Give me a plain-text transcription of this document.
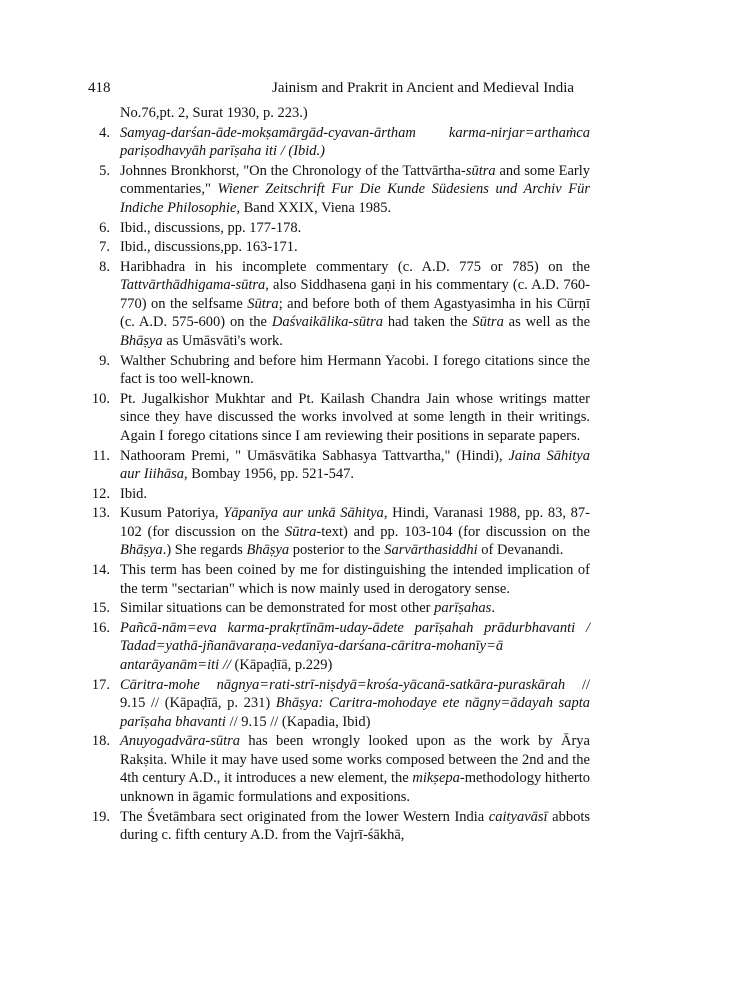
418	Jainism and Prakrit in Ancient and Medieval India
No.76,pt. 2, Surat 1930, p. 223.)
4. Samyag-darśan-āde-mokṣamārgād-cyavan-ārtham karma-nirjar=arthaṁca pariṣodhavyāh parīṣaha iti / (Ibid.)
5. Johnnes Bronkhorst, "On the Chronology of the Tattvārtha-sūtra and some Early commentaries," Wiener Zeitschrift Fur Die Kunde Südesiens und Archiv Für Indiche Philosophie, Band XXIX, Viena 1985.
6. Ibid., discussions, pp. 177-178.
7. Ibid., discussions,pp. 163-171.
8. Haribhadra in his incomplete commentary (c. A.D. 775 or 785) on the Tattvārthādhigama-sūtra, also Siddhasena gaṇi in his commentary (c. A.D. 760-770) on the selfsame Sūtra; and before both of them Agastyasimha in his Cūrṇī (c. A.D. 575-600) on the Daśvaikālika-sūtra had taken the Sūtra as well as the Bhāṣya as Umāsvāti's work.
9. Walther Schubring and before him Hermann Yacobi. I forego citations since the fact is too well-known.
10. Pt. Jugalkishor Mukhtar and Pt. Kailash Chandra Jain whose writings matter since they have discussed the works involved at some length in their writings. Again I forego citations since I am reviewing their positions in separate papers.
11. Nathooram Premi, " Umāsvātika Sabhasya Tattvartha," (Hindi), Jaina Sāhitya aur Iiihāsa, Bombay 1956, pp. 521-547.
12. Ibid.
13. Kusum Patoriya, Yāpanīya aur unkā Sāhitya, Hindi, Varanasi 1988, pp. 83, 87-102 (for discussion on the Sūtra-text) and pp. 103-104 (for discussion on the Bhāṣya.) She regards Bhāṣya posterior to the Sarvārthasiddhi of Devanandi.
14. This term has been coined by me for distinguishing the intended implication of the term "sectarian" which is now mainly used in derogatory sense.
15. Similar situations can be demonstrated for most other parīṣahas.
16. Pañcā-nām=eva karma-prakṛtīnām-uday-ādete parīṣahah prādurbhavanti / Tadad=yathā-jñanāvaraṇa-vedanīya-darśana-cāritra-mohanīy=ā antarāyanām=iti // (Kāpaḍīā, p.229)
17. Cāritra-mohe nāgnya=rati-strī-niṣdyā=krośa-yācanā-satkāra-puraskārah // 9.15 // (Kāpaḍīā, p. 231) Bhāṣya: Caritra-mohodaye ete nāgny=ādayah sapta parīṣaha bhavanti // 9.15 // (Kapadia, Ibid)
18. Anuyogadvāra-sūtra has been wrongly looked upon as the work by Ārya Rakṣita. While it may have used some works composed between the 2nd and the 4th century A.D., it introduces a new element, the mikṣepa-methodology hitherto unknown in āgamic formulations and expositions.
19. The Śvetāmbara sect originated from the lower Western India caityavāsī abbots during c. fifth century A.D. from the Vajrī-śākhā,
